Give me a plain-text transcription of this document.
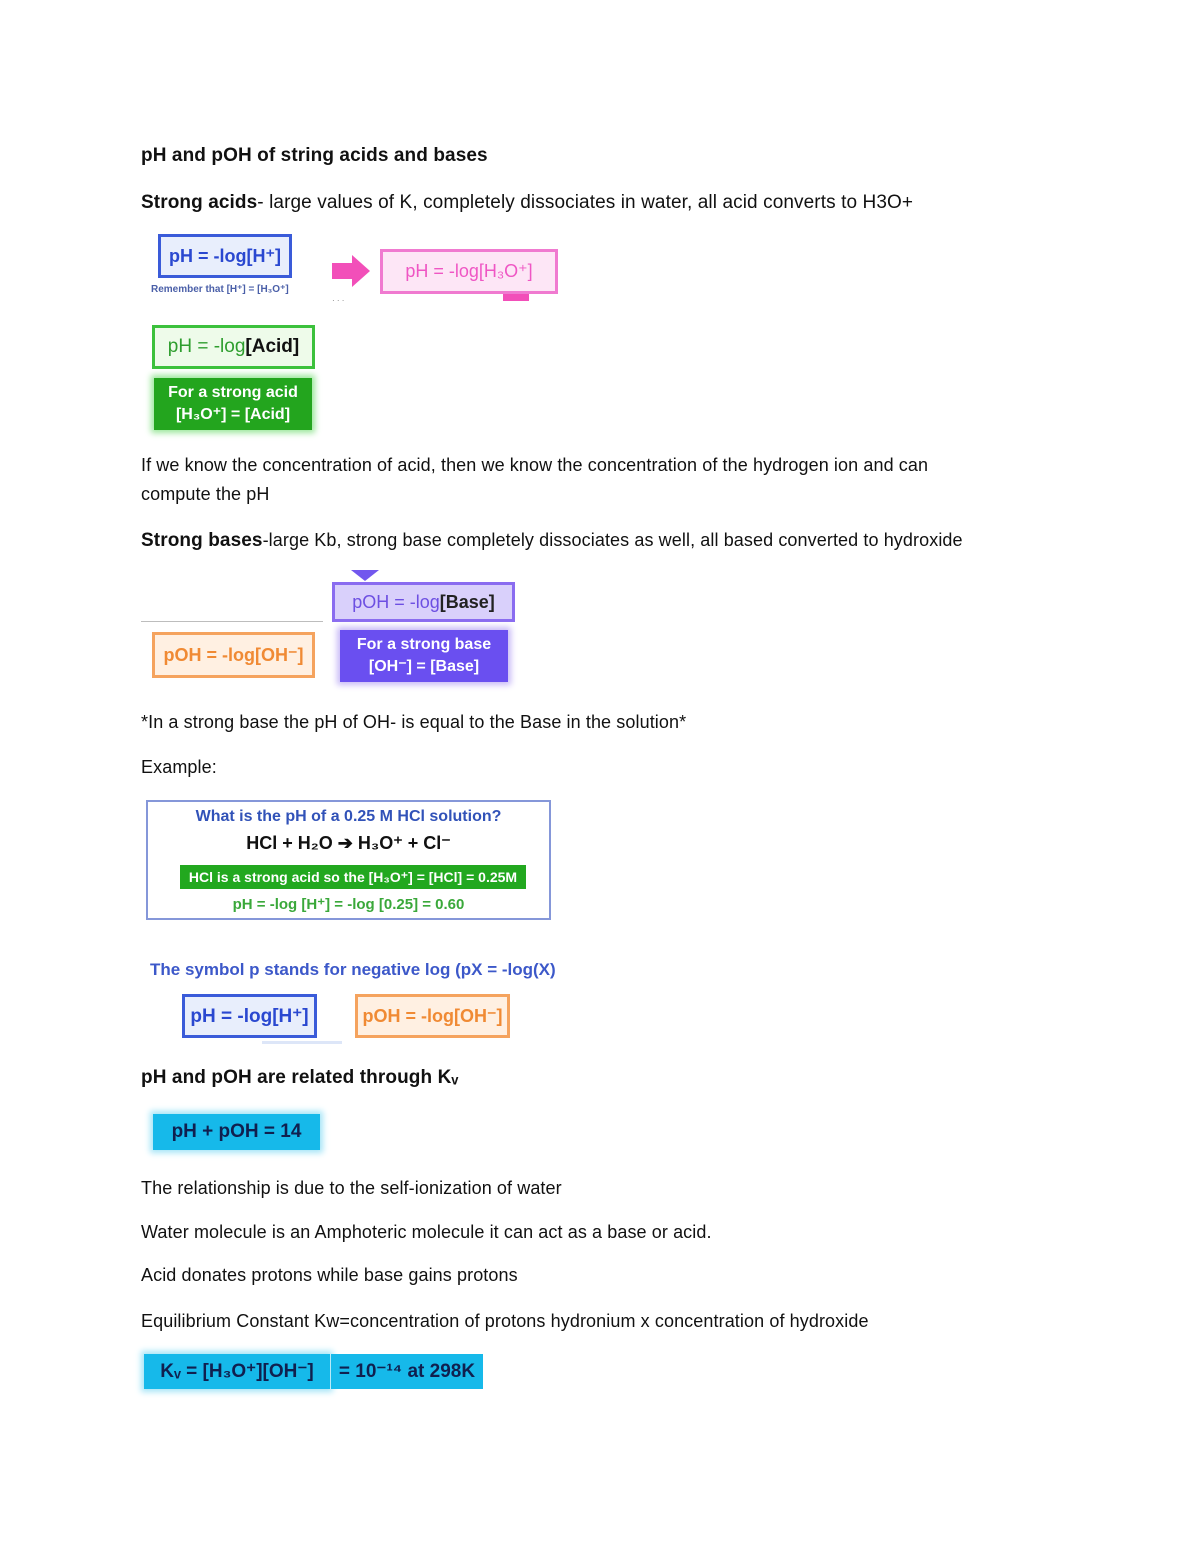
pH and pOH of string acids and bases
Strong acids- large values of K, completely dissociates in water, all acid converts to H3O+
pH = -log[H⁺]
Remember that [H⁺] = [H₃O⁺]
· · ·
pH = -log[H₃O⁺]
pH = -log [Acid]
For a strong acid
[H₃O⁺] = [Acid]
If we know the concentration of acid, then we know the concentration of the hydrogen ion and can
compute the pH
Strong bases-large Kb, strong base completely dissociates as well, all based converted to hydroxide
pOH = -log [Base]
pOH = -log[OH⁻]	For a strong base
[OH⁻] = [Base]
*In a strong base the pH of OH- is equal to the Base in the solution*
Example:
What is the pH of a 0.25 M HCl solution?
HCl + H₂O ➔ H₃O⁺ + Cl⁻
HCl is a strong acid so the [H₃O⁺] = [HCl] = 0.25M
pH = -log [H⁺] = -log [0.25] = 0.60
The symbol p stands for negative log (pX = -log(X)
pH = -log[H⁺]	pOH = -log[OH⁻]
pH and pOH are related through Kᵥ
pH + pOH = 14
The relationship is due to the self-ionization of water
Water molecule is an Amphoteric molecule it can act as a base or acid.
Acid donates protons while base gains protons
Equilibrium Constant Kw=concentration of protons hydronium x concentration of hydroxide
Kᵥ = [H₃O⁺][OH⁻]	= 10⁻¹⁴ at 298K
